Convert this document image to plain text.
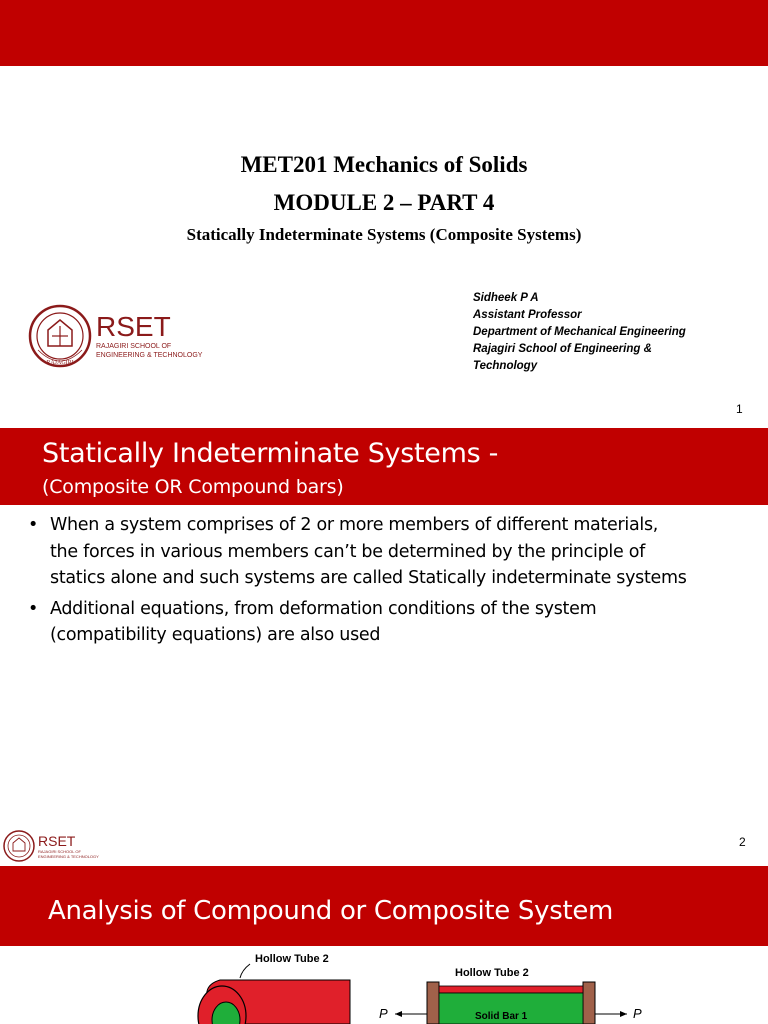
MET201 Mechanics of Solids
MODULE 2 – PART 4
Statically Indeterminate Systems (Composite Systems)
RAJAGIRI
RSET
RAJAGIRI SCHOOL OF
ENGINEERING & TECHNOLOGY
Sidheek P A
Assistant Professor
Department of Mechanical Engineering
Rajagiri School of Engineering &
Technology
1
Statically Indeterminate Systems -
(Composite OR Compound bars)
• When a system comprises of 2 or more members of different materials,
the forces in various members can’t be determined by the principle of
statics alone and such systems are called Statically indeterminate systems
• Additional equations, from deformation conditions of the system
(compatibility equations) are also used
RSET
RAJAGIRI SCHOOL OF
ENGINEERING & TECHNOLOGY
2
Analysis of Compound or Composite System
Hollow Tube 2
Hollow Tube 2
Solid Bar 1
P	P
